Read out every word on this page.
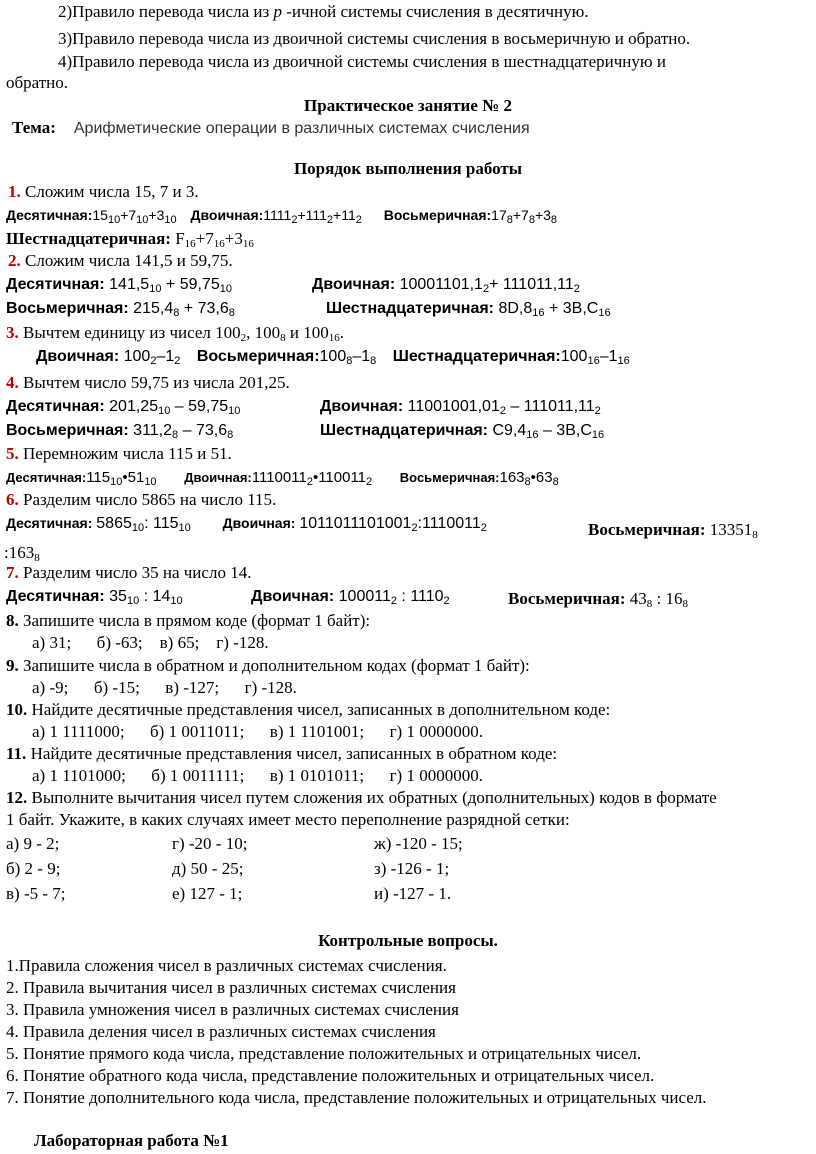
2)Правило перевода числа из p -ичной системы счисления в десятичную.
3)Правило перевода числа из двоичной системы счисления в восьмеричную и обратно.
4)Правило перевода числа из двоичной системы счисления в шестнадцатеричную и
обратно.
Практическое занятие № 2
Тема: Арифметические операции в различных системах счисления
Порядок выполнения работы
1. Сложим числа 15, 7 и 3.
$Десятичная:15_{10}+7_{10}+3_{10}$ $Двоичная:1111_2+111_2+11_2$ $Восьмеричная:17_8+7_8+3_8$
Шестнадцатеричная: $F_{16}+7_{16}+3_{16}$
2. Сложим числа 141,5 и 59,75.
Десятичная: $141,5_{10} + 59,75_{10}$	Двоичная: $10001101,1_2+ 111011,11_2$
Восьмеричная: $215,4_8 + 73,6_8$	Шестнадцатеричная: $8D,8_{16} + 3B,C_{16}$
3. Вычтем единицу из чисел $100_2$, $100_8$ и $100_{16}$.
Двоичная: $100_2-1_2$ $Восьмеричная:100_8-1_8$ $Шестнадцатеричная:100_{16}-1_{16}$
4. Вычтем число 59,75 из числа 201,25.
Десятичная: $201,25_{10} - 59,75_{10}$	Двоичная: $11001001,01_2 - 111011,11_2$
Восьмеричная: $311,2_8 - 73,6_8$	Шестнадцатеричная: $C9,4_{16} - 3B,C_{16}$
5. Перемножим числа 115 и 51.
$Десятичная:115_{10}•51_{10}$ $Двоичная:1110011_2•110011_2$ $Восьмеричная:163_8•63_8$
6. Разделим число 5865 на число 115.
Десятичная: $5865_{10}$: $115_{10}$ Двоичная: $1011011101001_2:1110011_2$	Восьмеричная: $13351_8$
$:163_8$
7. Разделим число 35 на число 14.
Десятичная: $35_{10}$ : $14_{10}$	Двоичная: $100011_2$ : $1110_2$	Восьмеричная: $43_8$ : $16_8$
8. Запишите числа в прямом коде (формат 1 байт):
а) 31;      б) -63;    в) 65;    г) -128.
9. Запишите числа в обратном и дополнительном кодах (формат 1 байт):
а) -9;      б) -15;      в) -127;      г) -128.
10. Найдите десятичные представления чисел, записанных в дополнительном коде:
а) 1 1111000;      б) 1 0011011;      в) 1 1101001;      г) 1 0000000.
11. Найдите десятичные представления чисел, записанных в обратном коде:
а) 1 1101000;      б) 1 0011111;      в) 1 0101011;      г) 1 0000000.
12. Выполните вычитания чисел путем сложения их обратных (дополнительных) кодов в формате
1 байт. Укажите, в каких случаях имеет место переполнение разрядной сетки:
а) 9 - 2;	г) -20 - 10;	ж) -120 - 15;
б) 2 - 9;	д) 50 - 25;	з) -126 - 1;
в) -5 - 7;	е) 127 - 1;	и) -127 - 1.
Контрольные вопросы.
1.Правила сложения чисел в различных системах счисления.
2. Правила вычитания чисел в различных системах счисления
3. Правила умножения чисел в различных системах счисления
4. Правила деления чисел в различных системах счисления
5. Понятие прямого кода числа, представление положительных и отрицательных чисел.
6. Понятие обратного кода числа, представление положительных и отрицательных чисел.
7. Понятие дополнительного кода числа, представление положительных и отрицательных чисел.
Лабораторная работа №1
